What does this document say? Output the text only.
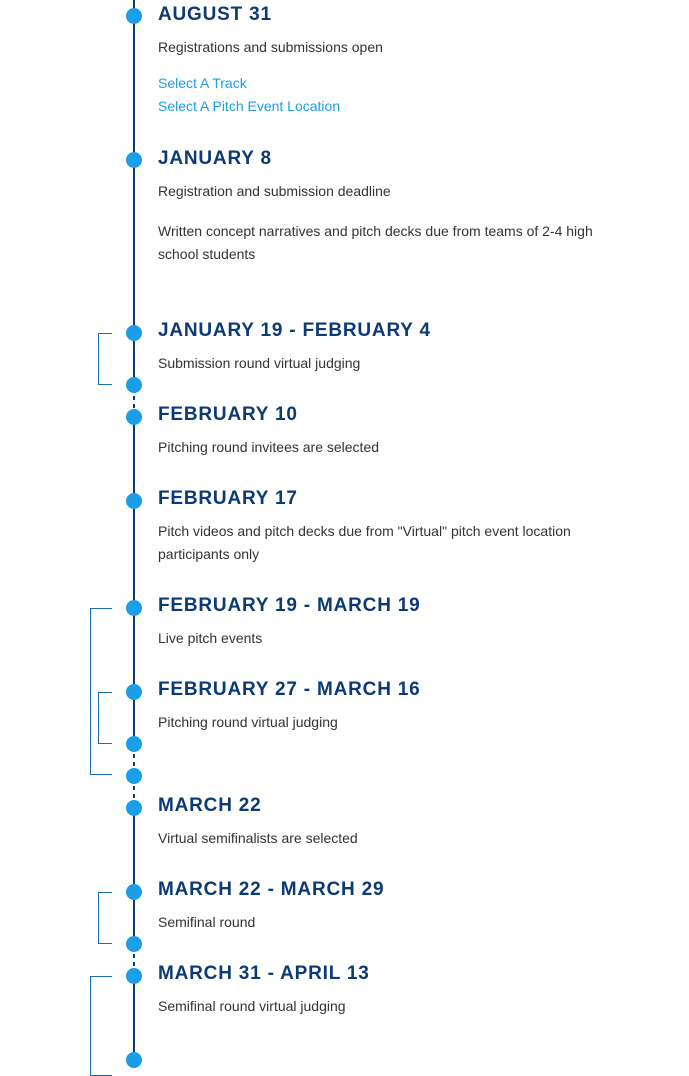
AUGUST 31

Registrations and submissions open

Select A Track
Select A Pitch Event Location
JANUARY 8

Registration and submission deadline

Written concept narratives and pitch decks due from teams of 2-4 high school students

JANUARY 19 - FEBRUARY 4

Submission round virtual judging

FEBRUARY 10

Pitching round invitees are selected

FEBRUARY 17

Pitch videos and pitch decks due from "Virtual" pitch event location participants only

FEBRUARY 19 - MARCH 19

Live pitch events

FEBRUARY 27 - MARCH 16

Pitching round virtual judging

MARCH 22

Virtual semifinalists are selected

MARCH 22 - MARCH 29

Semifinal round

MARCH 31 - APRIL 13

Semifinal round virtual judging
